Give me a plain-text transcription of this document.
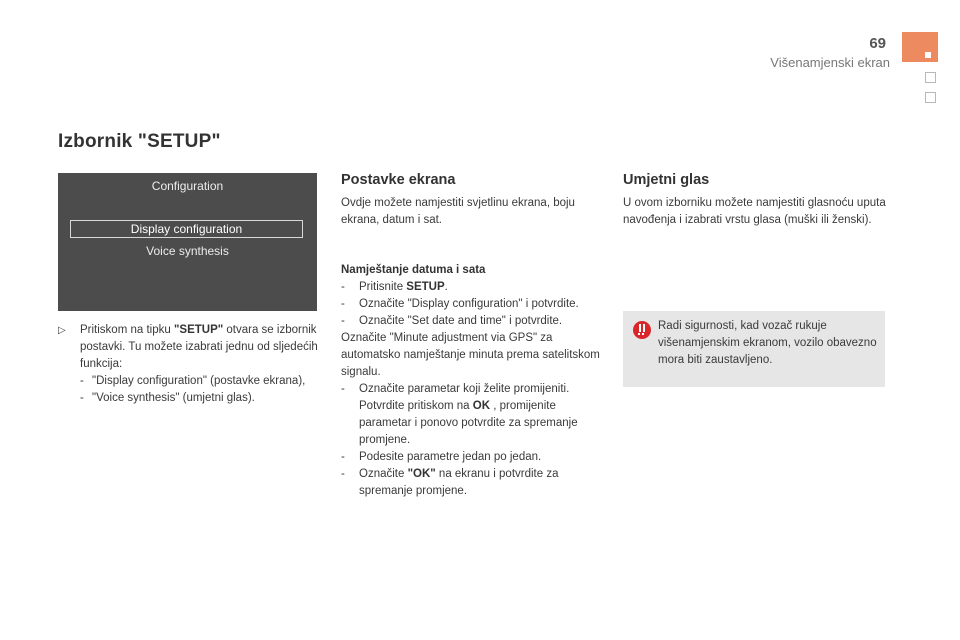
69
Višenamjenski ekran
Izbornik "SETUP"
Configuration
Display configuration
Voice synthesis
▷ Pritiskom na tipku "SETUP" otvara se izbornik postavki. Tu možete izabrati jednu od sljedećih funkcija:
- "Display configuration" (postavke ekrana),
- "Voice synthesis" (umjetni glas).
Postavke ekrana
Ovdje možete namjestiti svjetlinu ekrana, boju ekrana, datum i sat.
Namještanje datuma i sata
- Pritisnite SETUP.
- Označite "Display configuration" i potvrdite.
- Označite "Set date and time" i potvrdite.
Označite "Minute adjustment via GPS" za automatsko namještanje minuta prema satelitskom signalu.
- Označite parametar koji želite promijeniti. Potvrdite pritiskom na OK , promijenite parametar i ponovo potvrdite za spremanje promjene.
- Podesite parametre jedan po jedan.
- Označite "OK" na ekranu i potvrdite za spremanje promjene.
Umjetni glas
U ovom izborniku možete namjestiti glasnoću uputa navođenja i izabrati vrstu glasa (muški ili ženski).
Radi sigurnosti, kad vozač rukuje višenamjenskim ekranom, vozilo obavezno mora biti zaustavljeno.
